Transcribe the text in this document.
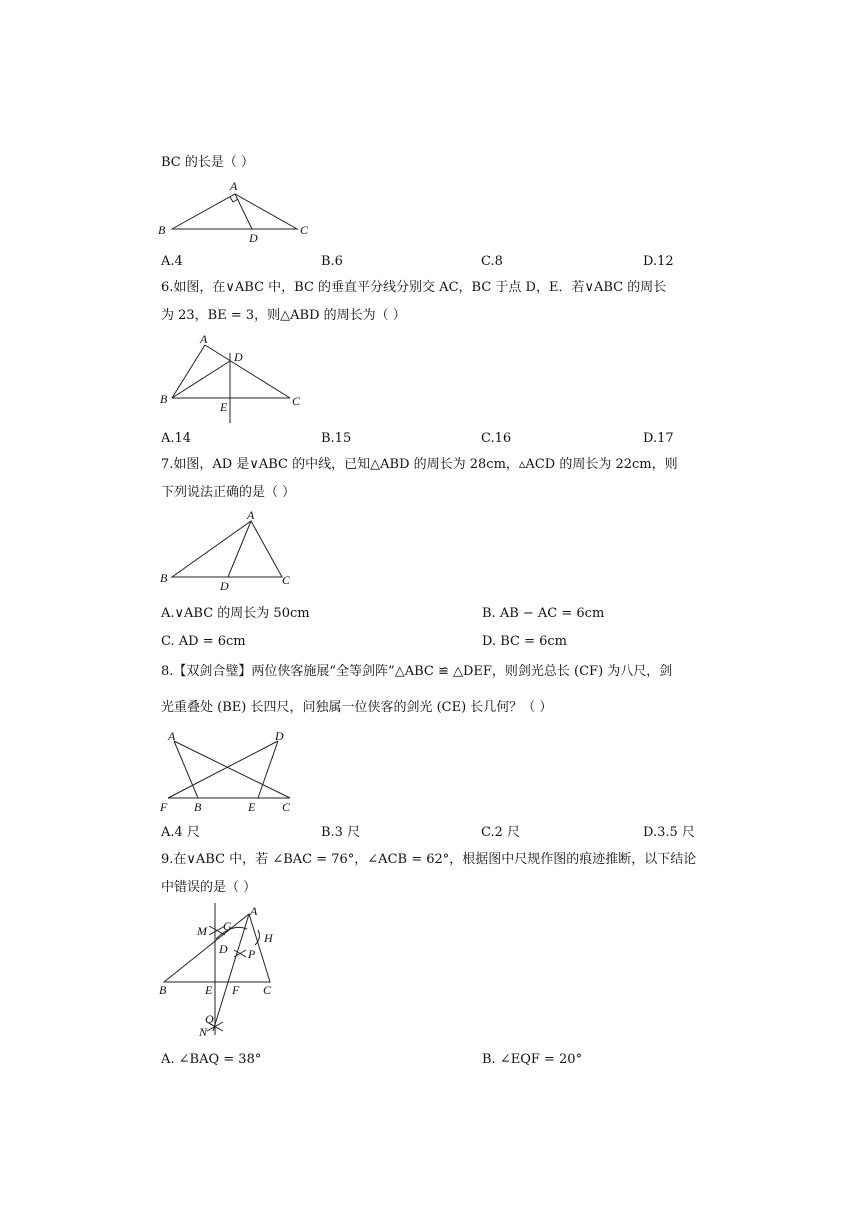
BC 的长是（ ）
A
B	C
D
A.4	B.6	C.8	D.12
6.如图，在∨ABC 中，BC 的垂直平分线分别交 AC，BC 于点 D，E．若∨ABC 的周长
为 23，BE = 3，则△ABD 的周长为（ ）
A
B	C
D
E
A.14	B.15	C.16	D.17
7.如图，AD 是∨ABC 的中线，已知△ABD 的周长为 28cm，▵ACD 的周长为 22cm，则
下列说法正确的是（ ）
A
B	C
D
A.∨ABC 的周长为 50cm	B. AB − AC = 6cm
C. AD = 6cm	D. BC = 6cm
8.【双剑合璧】两位侠客施展“全等剑阵”△ABC ≌ △DEF，则剑光总长 (CF) 为八尺，剑
光重叠处 (BE) 长四尺，问独属一位侠客的剑光 (CE) 长几何？（ ）
A	D
F B	E C
A.4 尺	B.3 尺	C.2 尺	D.3.5 尺
9.在∨ABC 中，若 ∠BAC = 76°，∠ACB = 62°，根据图中尺规作图的痕迹推断，以下结论
中错误的是（ ）
A
M G
H
D P
B	E F C
Q
N
A. ∠BAQ = 38°	B. ∠EQF = 20°
